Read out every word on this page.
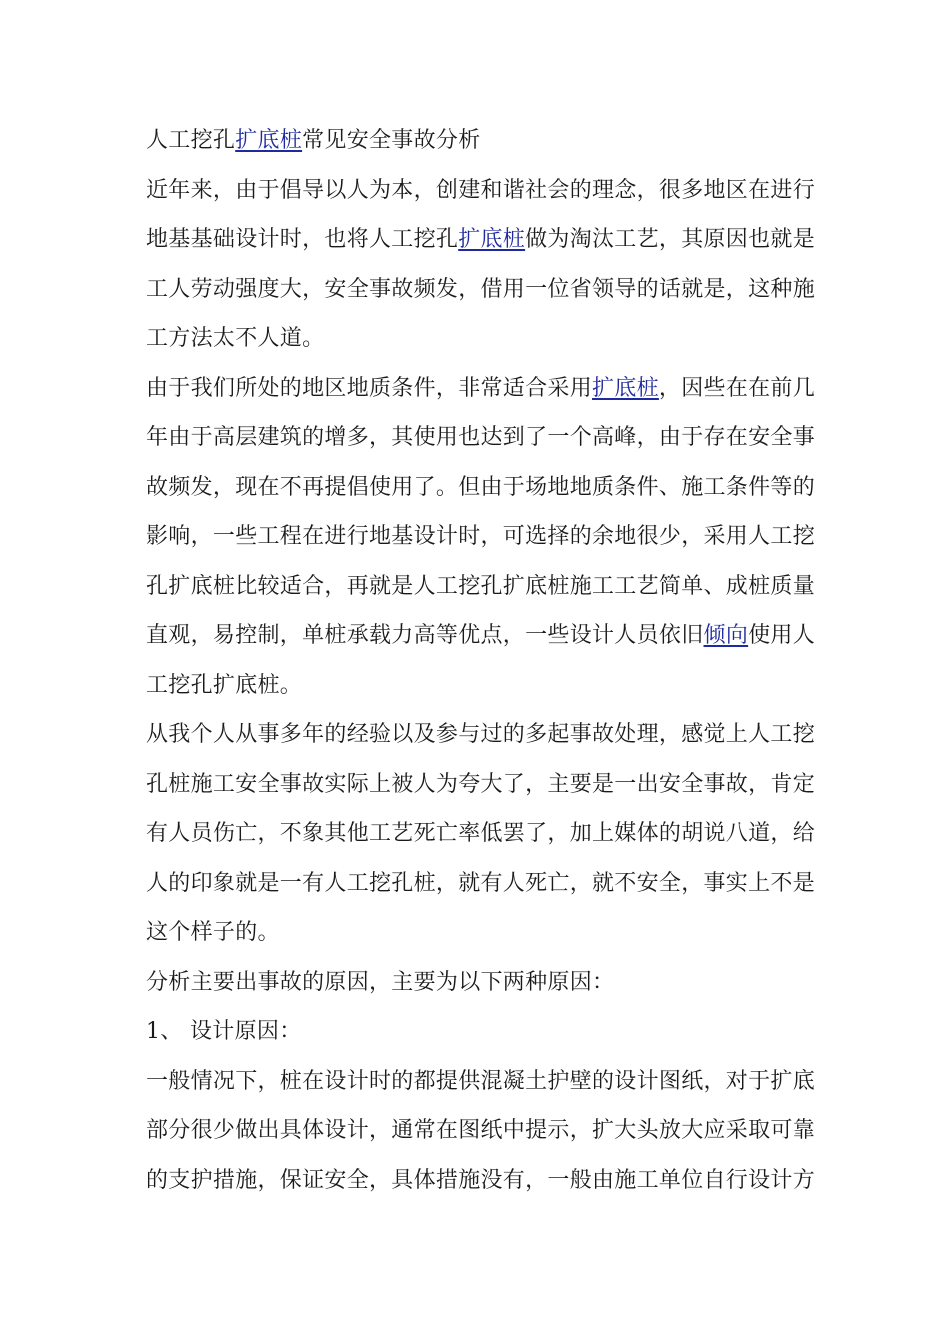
人工挖孔扩底桩常见安全事故分析
近年来，由于倡导以人为本，创建和谐社会的理念，很多地区在进行
地基基础设计时，也将人工挖孔扩底桩做为淘汰工艺，其原因也就是
工人劳动强度大，安全事故频发，借用一位省领导的话就是，这种施
工方法太不人道。
由于我们所处的地区地质条件，非常适合采用扩底桩，因些在在前几
年由于高层建筑的增多，其使用也达到了一个高峰，由于存在安全事
故频发，现在不再提倡使用了。但由于场地地质条件、施工条件等的
影响，一些工程在进行地基设计时，可选择的余地很少，采用人工挖
孔扩底桩比较适合，再就是人工挖孔扩底桩施工工艺简单、成桩质量
直观，易控制，单桩承载力高等优点，一些设计人员依旧倾向使用人
工挖孔扩底桩。
从我个人从事多年的经验以及参与过的多起事故处理，感觉上人工挖
孔桩施工安全事故实际上被人为夸大了，主要是一出安全事故，肯定
有人员伤亡，不象其他工艺死亡率低罢了，加上媒体的胡说八道，给
人的印象就是一有人工挖孔桩，就有人死亡，就不安全，事实上不是
这个样子的。
分析主要出事故的原因，主要为以下两种原因：
1、 设计原因：
一般情况下，桩在设计时的都提供混凝土护壁的设计图纸，对于扩底
部分很少做出具体设计，通常在图纸中提示，扩大头放大应采取可靠
的支护措施，保证安全，具体措施没有，一般由施工单位自行设计方
